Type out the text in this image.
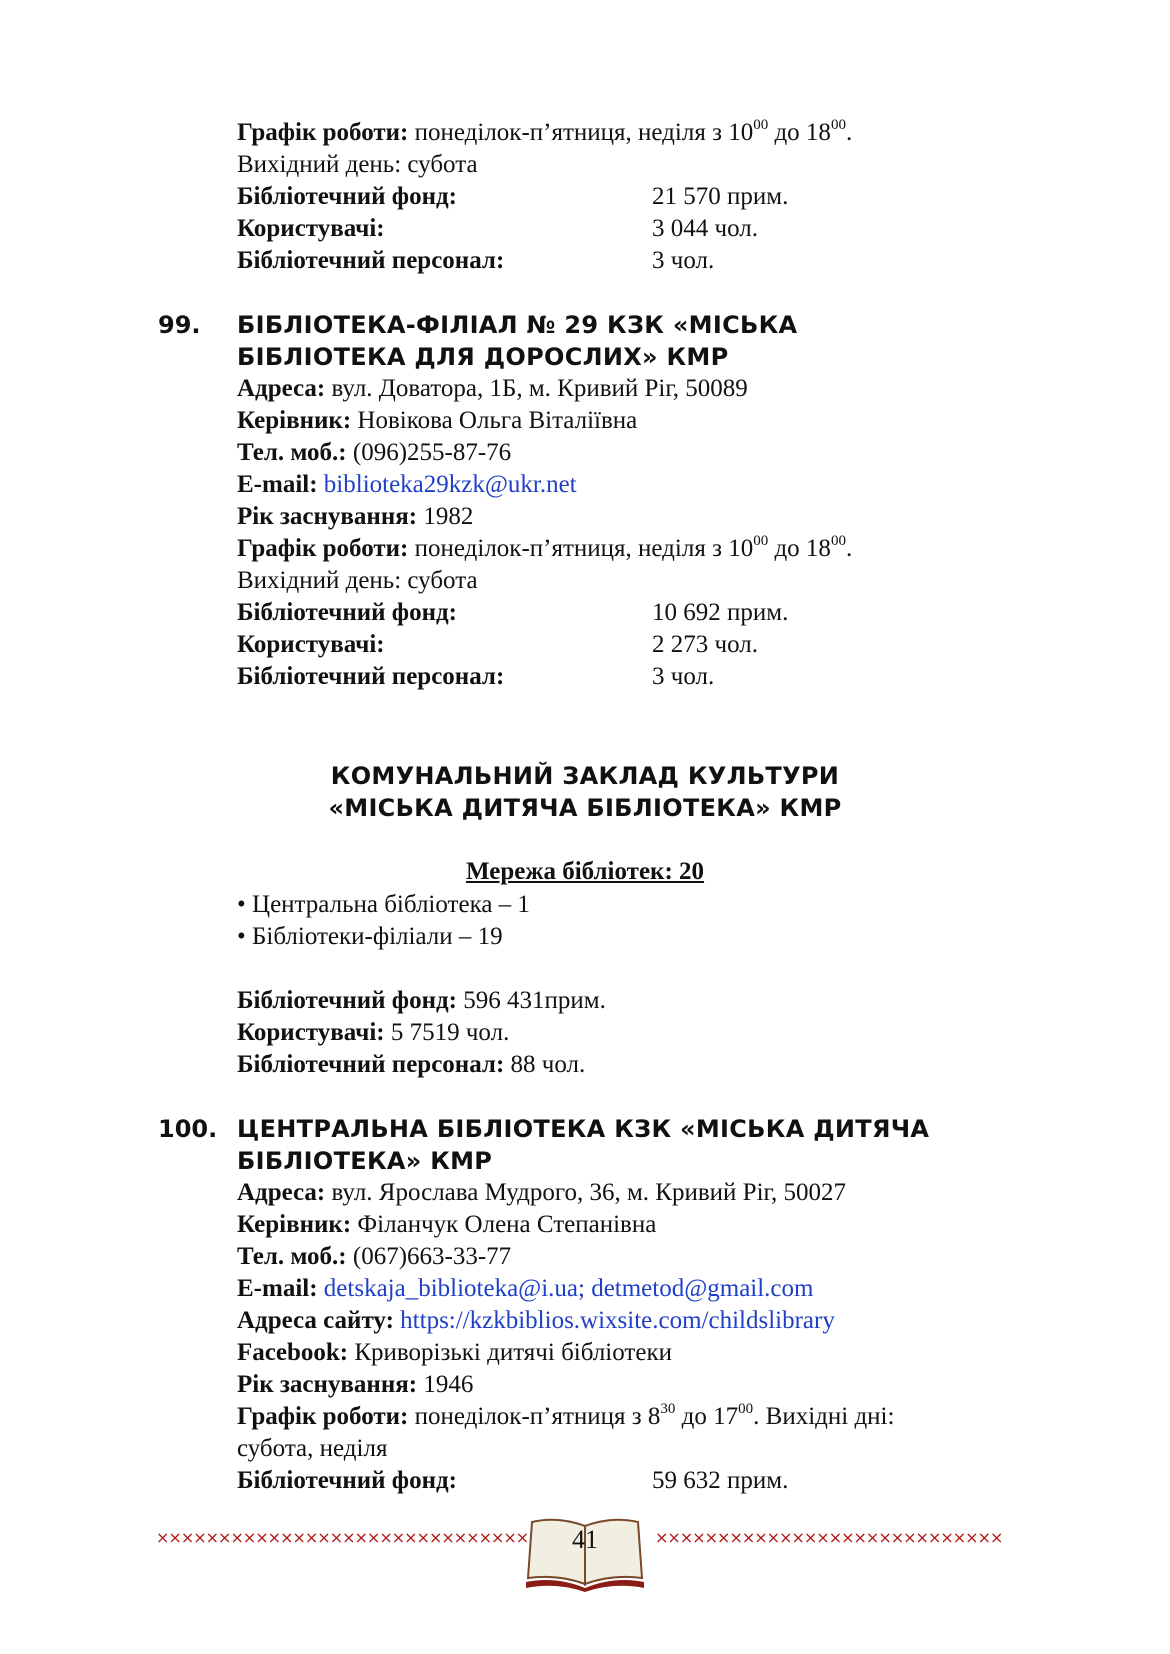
Графік роботи: понеділок-п’ятниця, неділя з $10^{00}$ до $18^{00}$.
Вихідний день: субота
Бібліотечний фонд:	21 570 прим.
Користувачі:	3 044 чол.
Бібліотечний персонал:	3 чол.
99. БІБЛІОТЕКА-ФІЛІАЛ № 29 КЗК «МІСЬКА
БІБЛІОТЕКА ДЛЯ ДОРОСЛИХ» КМР
Адреса: вул. Доватора, 1Б, м. Кривий Ріг, 50089
Керівник: Новікова Ольга Віталіївна
Тел. моб.: (096)255-87-76
E-mail: biblioteka29kzk@ukr.net
Рік заснування: 1982
Графік роботи: понеділок-п’ятниця, неділя з $10^{00}$ до $18^{00}$.
Вихідний день: субота
Бібліотечний фонд:	10 692 прим.
Користувачі:	2 273 чол.
Бібліотечний персонал:	3 чол.
КОМУНАЛЬНИЙ ЗАКЛАД КУЛЬТУРИ
«МІСЬКА ДИТЯЧА БІБЛІОТЕКА» КМР
Мережа бібліотек: 20
• Центральна бібліотека – 1
• Бібліотеки-філіали – 19
Бібліотечний фонд: 596 431прим.
Користувачі: 5 7519 чол.
Бібліотечний персонал: 88 чол.
100. ЦЕНТРАЛЬНА БІБЛІОТЕКА КЗК «МІСЬКА ДИТЯЧА
БІБЛІОТЕКА» КМР
Адреса: вул. Ярослава Мудрого, 36, м. Кривий Ріг, 50027
Керівник: Філанчук Олена Степанівна
Тел. моб.: (067)663-33-77
E-mail: detskaja_biblioteka@i.ua; detmetod@gmail.com
Адреса сайту: https://kzkbiblios.wixsite.com/childslibrary
Facebook: Криворізькі дитячі бібліотеки
Рік заснування: 1946
Графік роботи: понеділок-п’ятниця з $8^{30}$ до $17^{00}$. Вихідні дні:
субота, неділя
Бібліотечний фонд:	59 632 прим.
××××××××××××××××××××××××××××××	××××××××××××××××××××××××××××
41
